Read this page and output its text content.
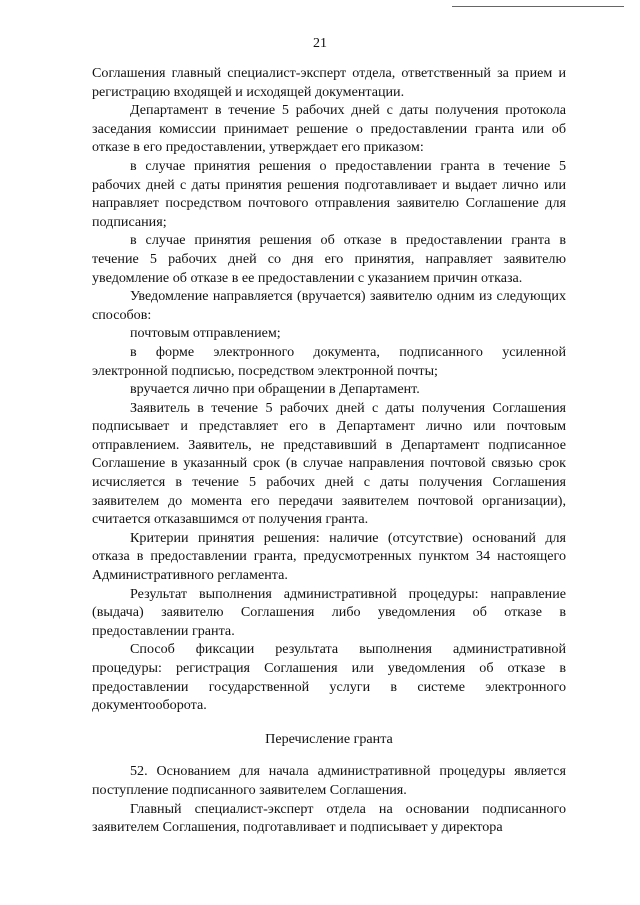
21

Соглашения главный специалист-эксперт отдела, ответственный за прием и регистрацию входящей и исходящей документации.

Департамент в течение 5 рабочих дней с даты получения протокола заседания комиссии принимает решение о предоставлении гранта или об отказе в его предоставлении, утверждает его приказом:

в случае принятия решения о предоставлении гранта в течение 5 рабочих дней с даты принятия решения подготавливает и выдает лично или направляет посредством почтового отправления заявителю Соглашение для подписания;

в случае принятия решения об отказе в предоставлении гранта в течение 5 рабочих дней со дня его принятия, направляет заявителю уведомление об отказе в ее предоставлении с указанием причин отказа.

Уведомление направляется (вручается) заявителю одним из следующих способов:

почтовым отправлением;

в форме электронного документа, подписанного усиленной электронной подписью, посредством электронной почты;

вручается лично при обращении в Департамент.

Заявитель в течение 5 рабочих дней с даты получения Соглашения подписывает и представляет его в Департамент лично или почтовым отправлением. Заявитель, не представивший в Департамент подписанное Соглашение в указанный срок (в случае направления почтовой связью срок исчисляется в течение 5 рабочих дней с даты получения Соглашения заявителем до момента его передачи заявителем почтовой организации), считается отказавшимся от получения гранта.

Критерии принятия решения: наличие (отсутствие) оснований для отказа в предоставлении гранта, предусмотренных пунктом 34 настоящего Административного регламента.

Результат выполнения административной процедуры: направление (выдача) заявителю Соглашения либо уведомления об отказе в предоставлении гранта.

Способ фиксации результата выполнения административной процедуры: регистрация Соглашения или уведомления об отказе в предоставлении государственной услуги в системе электронного документооборота.

Перечисление гранта

52. Основанием для начала административной процедуры является поступление подписанного заявителем Соглашения.

Главный специалист-эксперт отдела на основании подписанного заявителем Соглашения, подготавливает и подписывает у директора
